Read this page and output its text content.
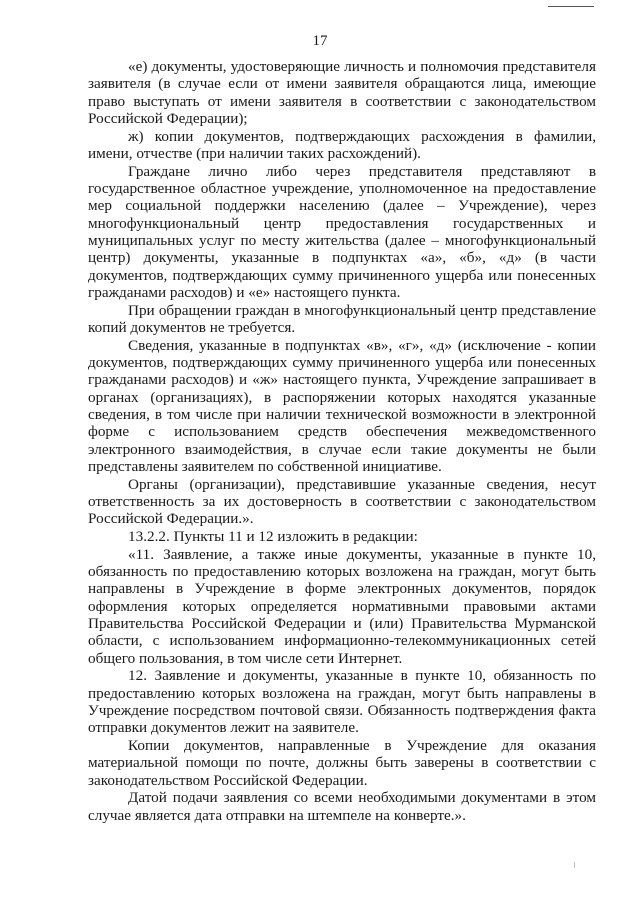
17

«е) документы, удостоверяющие личность и полномочия представителя заявителя (в случае если от имени заявителя обращаются лица, имеющие право выступать от имени заявителя в соответствии с законодательством Российской Федерации);

ж) копии документов, подтверждающих расхождения в фамилии, имени, отчестве (при наличии таких расхождений).

Граждане лично либо через представителя представляют в государственное областное учреждение, уполномоченное на предоставление мер социальной поддержки населению (далее – Учреждение), через многофункциональный центр предоставления государственных и муниципальных услуг по месту жительства (далее – многофункциональный центр) документы, указанные в подпунктах «а», «б», «д» (в части документов, подтверждающих сумму причиненного ущерба или понесенных гражданами расходов) и «е» настоящего пункта.

При обращении граждан в многофункциональный центр представление копий документов не требуется.

Сведения, указанные в подпунктах «в», «г», «д» (исключение - копии документов, подтверждающих сумму причиненного ущерба или понесенных гражданами расходов) и «ж» настоящего пункта, Учреждение запрашивает в органах (организациях), в распоряжении которых находятся указанные сведения, в том числе при наличии технической возможности в электронной форме с использованием средств обеспечения межведомственного электронного взаимодействия, в случае если такие документы не были представлены заявителем по собственной инициативе.

Органы (организации), представившие указанные сведения, несут ответственность за их достоверность в соответствии с законодательством Российской Федерации.».

13.2.2. Пункты 11 и 12 изложить в редакции:

«11. Заявление, а также иные документы, указанные в пункте 10, обязанность по предоставлению которых возложена на граждан, могут быть направлены в Учреждение в форме электронных документов, порядок оформления которых определяется нормативными правовыми актами Правительства Российской Федерации и (или) Правительства Мурманской области, с использованием информационно-телекоммуникационных сетей общего пользования, в том числе сети Интернет.

12. Заявление и документы, указанные в пункте 10, обязанность по предоставлению которых возложена на граждан, могут быть направлены в Учреждение посредством почтовой связи. Обязанность подтверждения факта отправки документов лежит на заявителе.

Копии документов, направленные в Учреждение для оказания материальной помощи по почте, должны быть заверены в соответствии с законодательством Российской Федерации.

Датой подачи заявления со всеми необходимыми документами в этом случае является дата отправки на штемпеле на конверте.».
